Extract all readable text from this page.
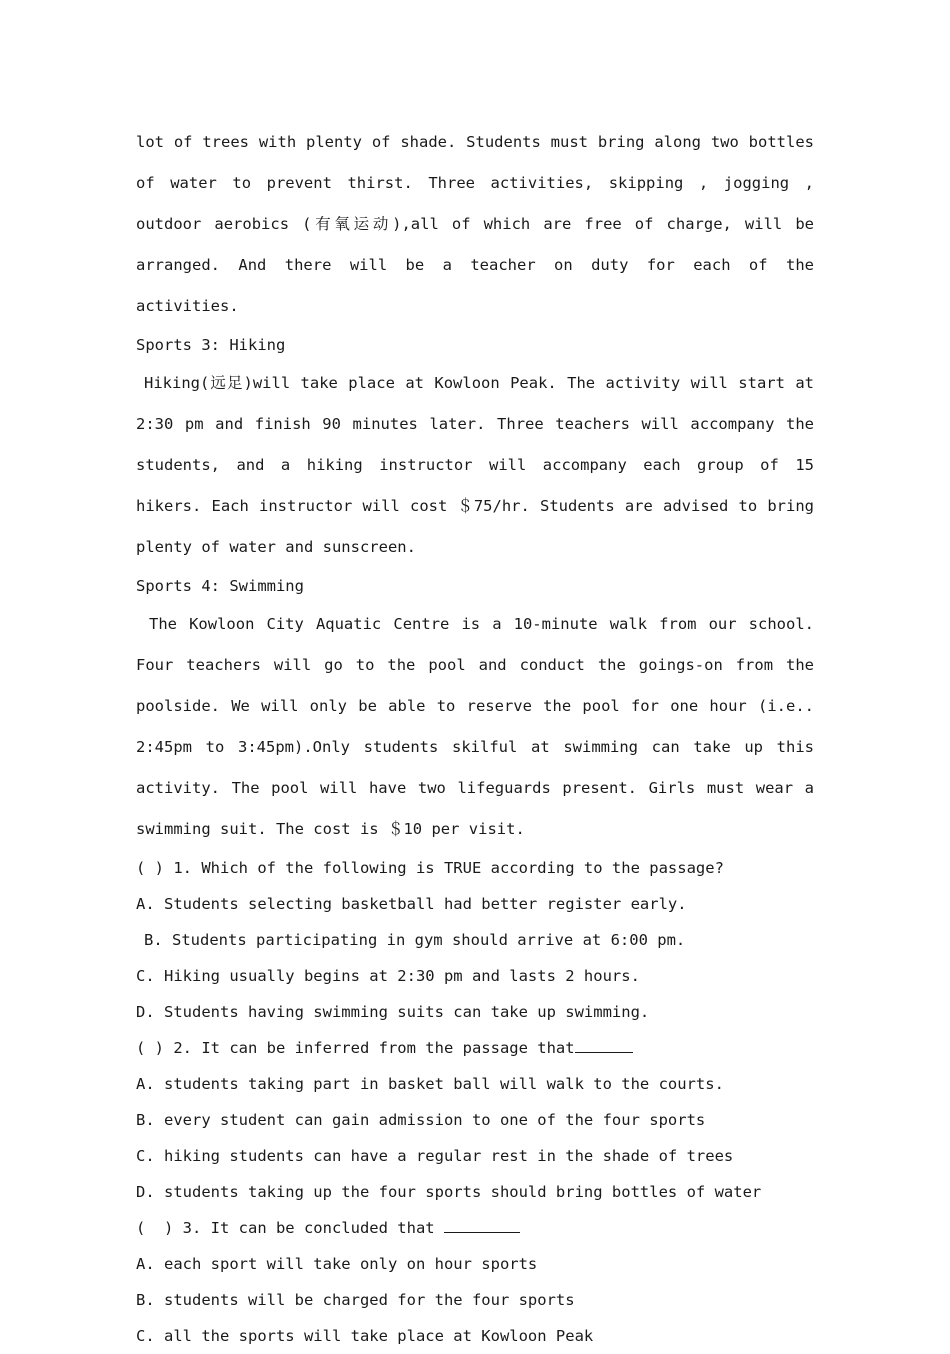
lot of trees with plenty of shade. Students must bring along two bottles of water to prevent thirst. Three activities, skipping , jogging , outdoor aerobics (有氧运动),all of which are free of charge, will be arranged. And there will be a teacher on duty for each of the activities.

Sports 3: Hiking

Hiking(远足)will take place at Kowloon Peak. The activity will start at 2:30 pm and finish 90 minutes later. Three teachers will accompany the students, and a hiking instructor will accompany each group of 15 hikers. Each instructor will cost ＄75/hr. Students are advised to bring plenty of water and sunscreen.

Sports 4: Swimming

The Kowloon City Aquatic Centre is a 10-minute walk from our school. Four teachers will go to the pool and conduct the goings-on from the poolside. We will only be able to reserve the pool for one hour (i.e.. 2:45pm to 3:45pm).Only students skilful at swimming can take up this activity. The pool will have two lifeguards present. Girls must wear a swimming suit. The cost is ＄10 per visit.

( ) 1. Which of the following is TRUE according to the passage?

A. Students selecting basketball had better register early.

B. Students participating in gym should arrive at 6:00 pm.

C. Hiking usually begins at 2:30 pm and lasts 2 hours.

D. Students having swimming suits can take up swimming.

( ) 2. It can be inferred from the passage that

A. students taking part in basket ball will walk to the courts.

B. every student can gain admission to one of the four sports

C. hiking students can have a regular rest in the shade of trees

D. students taking up the four sports should bring bottles of water

(  ) 3. It can be concluded that

A. each sport will take only on hour sports

B. students will be charged for the four sports

C. all the sports will take place at Kowloon Peak
